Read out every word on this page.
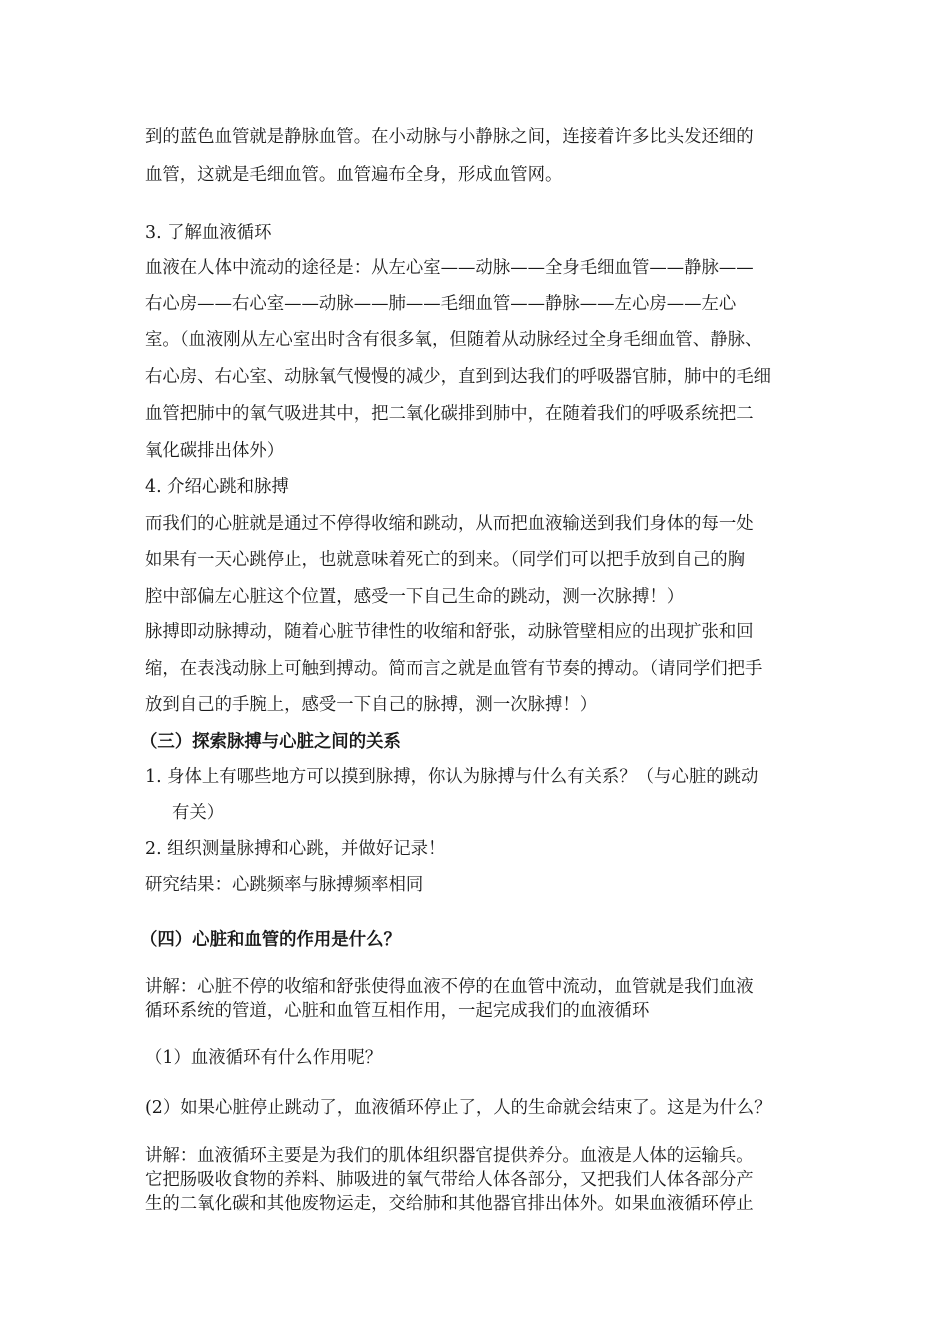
到的蓝色血管就是静脉血管。在小动脉与小静脉之间，连接着许多比头发还细的
血管，这就是毛细血管。血管遍布全身，形成血管网。
3. 了解血液循环
血液在人体中流动的途径是：从左心室——动脉——全身毛细血管——静脉——
右心房——右心室——动脉——肺——毛细血管——静脉——左心房——左心
室。（血液刚从左心室出时含有很多氧，但随着从动脉经过全身毛细血管、静脉、
右心房、右心室、动脉氧气慢慢的减少，直到到达我们的呼吸器官肺，肺中的毛细
血管把肺中的氧气吸进其中，把二氧化碳排到肺中，在随着我们的呼吸系统把二
氧化碳排出体外）
4. 介绍心跳和脉搏
而我们的心脏就是通过不停得收缩和跳动，从而把血液输送到我们身体的每一处
如果有一天心跳停止，也就意味着死亡的到来。（同学们可以把手放到自己的胸
腔中部偏左心脏这个位置，感受一下自己生命的跳动，测一次脉搏！）
脉搏即动脉搏动，随着心脏节律性的收缩和舒张，动脉管壁相应的出现扩张和回
缩，在表浅动脉上可触到搏动。简而言之就是血管有节奏的搏动。（请同学们把手
放到自己的手腕上，感受一下自己的脉搏，测一次脉搏！）
（三）探索脉搏与心脏之间的关系
1. 身体上有哪些地方可以摸到脉搏，你认为脉搏与什么有关系？（与心脏的跳动
有关）
2. 组织测量脉搏和心跳，并做好记录！
研究结果：心跳频率与脉搏频率相同
（四）心脏和血管的作用是什么？
讲解：心脏不停的收缩和舒张使得血液不停的在血管中流动，血管就是我们血液
循环系统的管道，心脏和血管互相作用，一起完成我们的血液循环
（1）血液循环有什么作用呢？
(2）如果心脏停止跳动了，血液循环停止了，人的生命就会结束了。这是为什么？
讲解：血液循环主要是为我们的肌体组织器官提供养分。血液是人体的运输兵。
它把肠吸收食物的养料、肺吸进的氧气带给人体各部分，又把我们人体各部分产
生的二氧化碳和其他废物运走，交给肺和其他器官排出体外。如果血液循环停止
